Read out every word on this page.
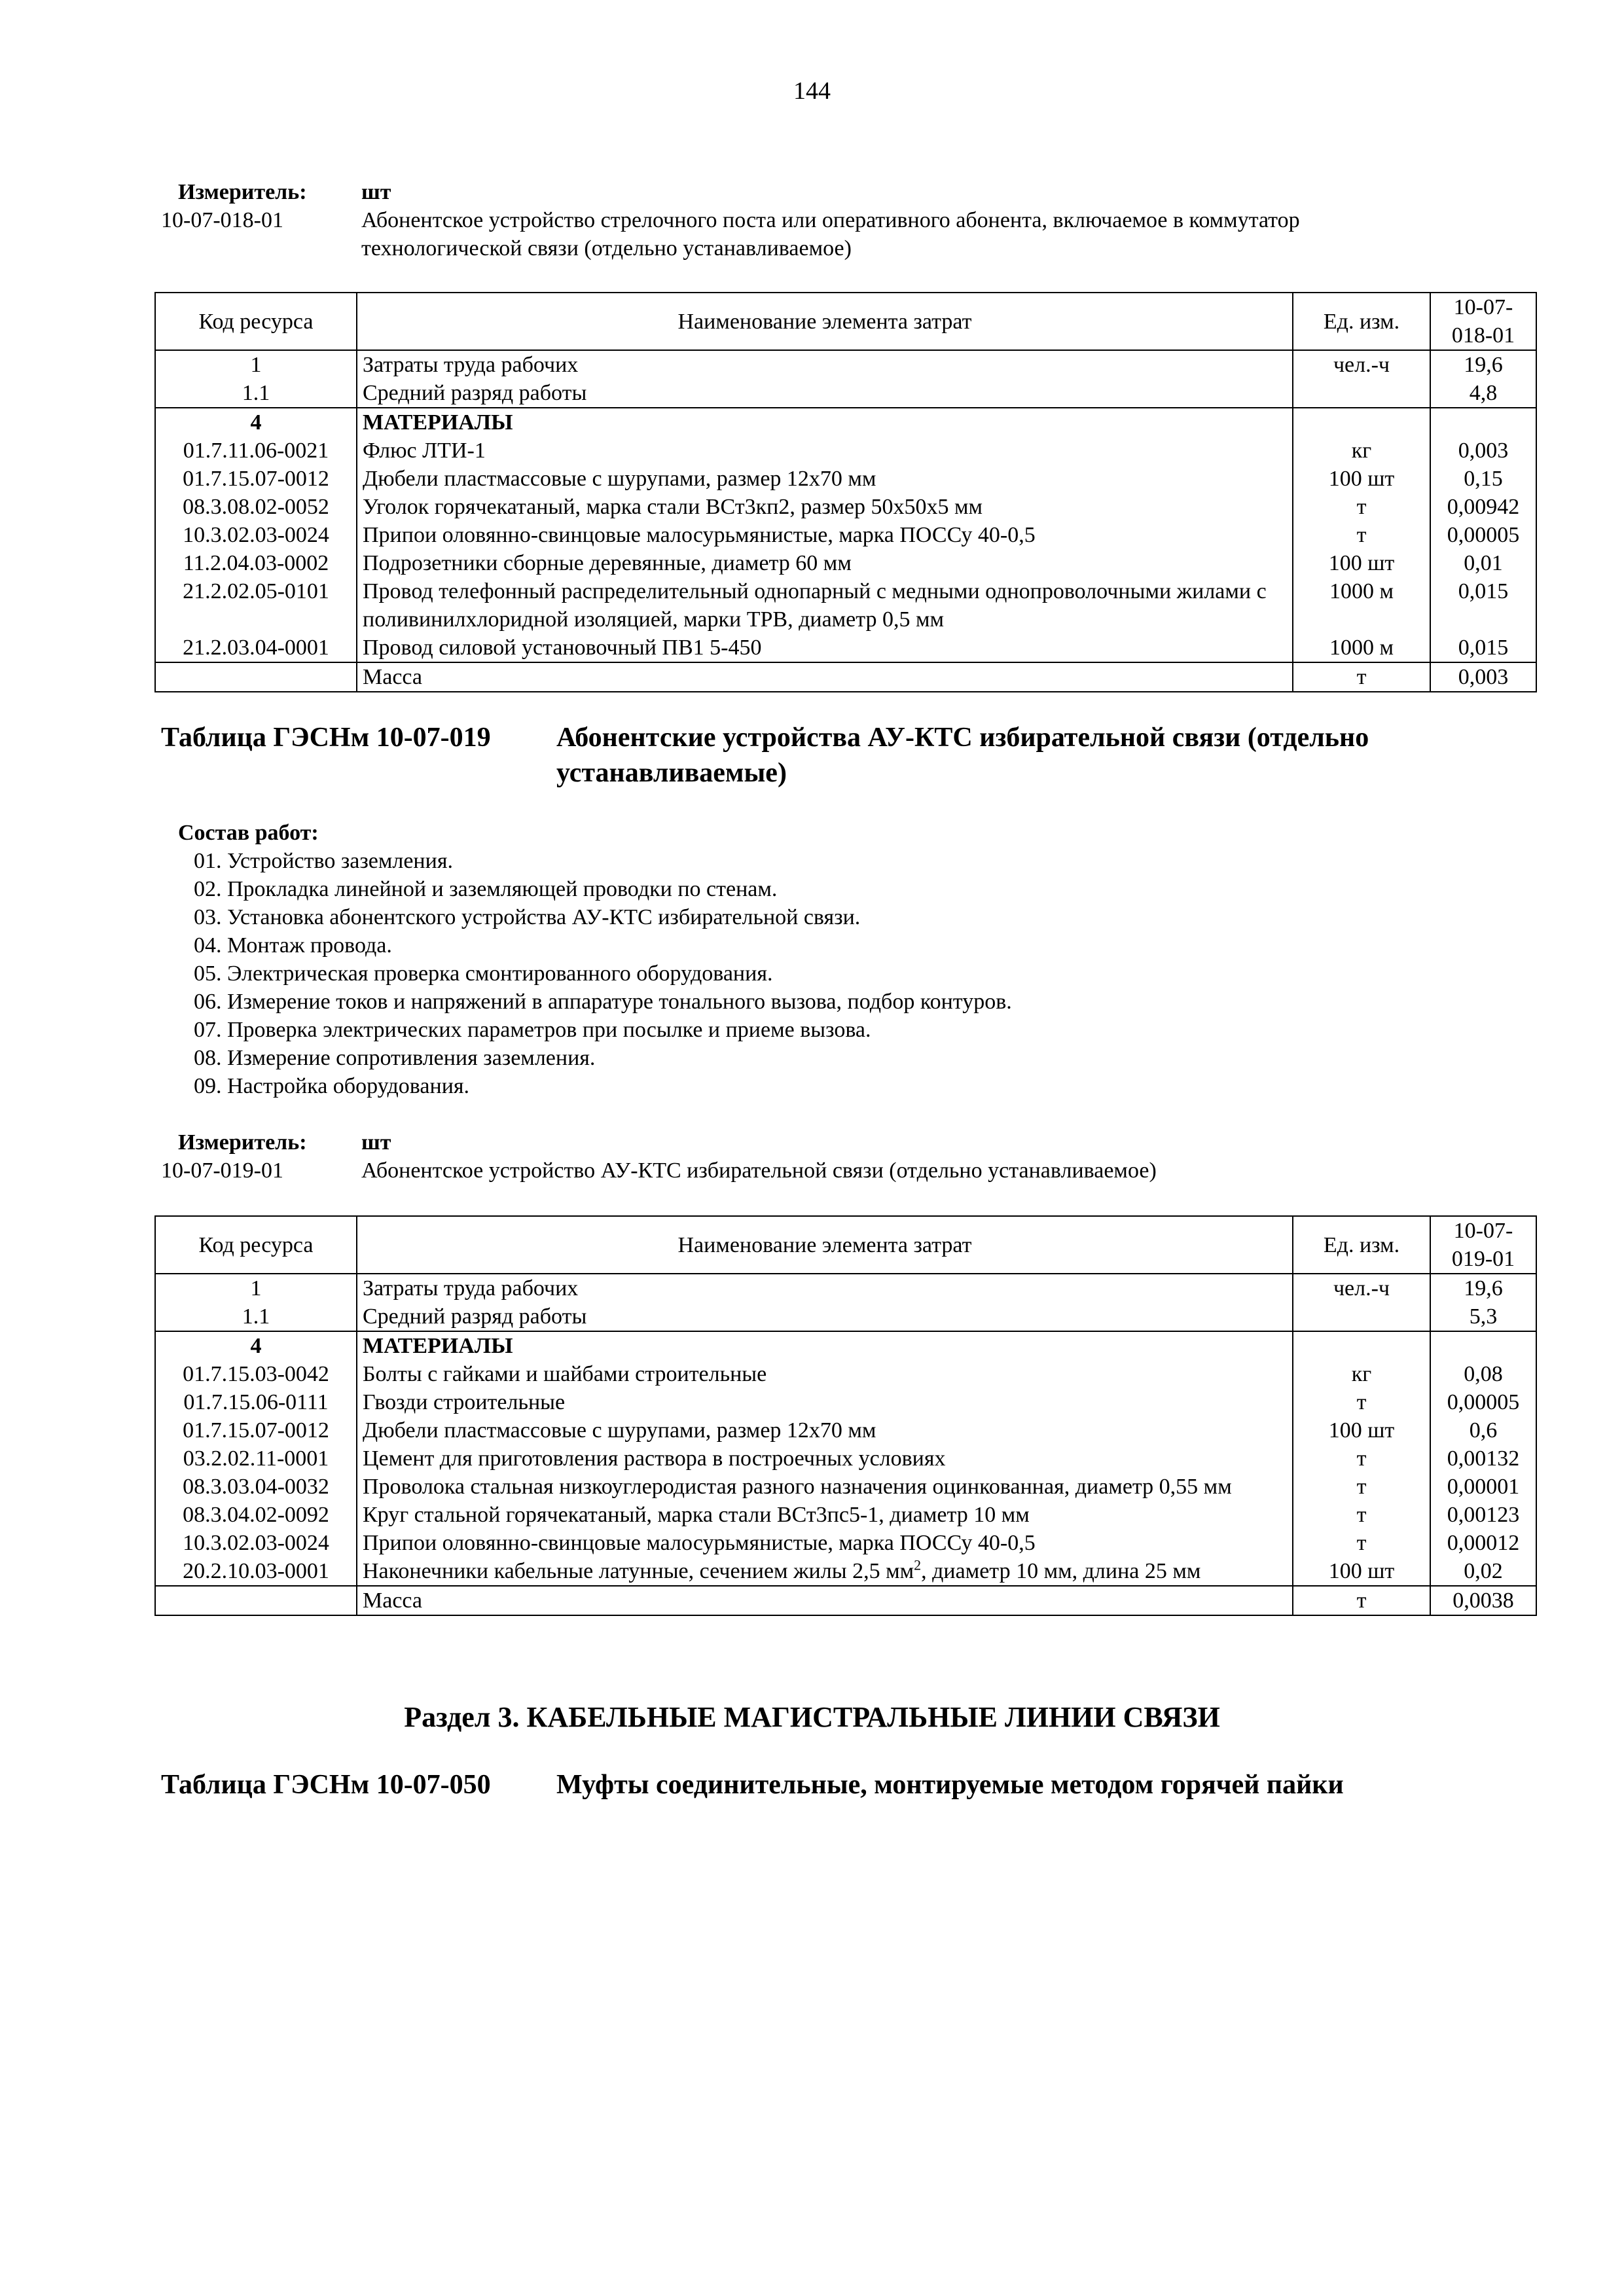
144
Измеритель: шт
10-07-018-01	Абонентское устройство стрелочного поста или оперативного абонента, включаемое в коммутатор
технологической связи (отдельно устанавливаемое)
Код ресурса	Наименование элемента затрат	Ед. изм.	10-07-
018-01
1	Затраты труда рабочих	чел.-ч	19,6
1.1	Средний разряд работы		4,8
4	МАТЕРИАЛЫ		
01.7.11.06-0021	Флюс ЛТИ-1	кг	0,003
01.7.15.07-0012	Дюбели пластмассовые с шурупами, размер 12х70 мм	100 шт	0,15
08.3.08.02-0052	Уголок горячекатаный, марка стали ВСт3кп2, размер 50х50х5 мм	т	0,00942
10.3.02.03-0024	Припои оловянно-свинцовые малосурьмянистые, марка ПОССу 40-0,5	т	0,00005
11.2.04.03-0002	Подрозетники сборные деревянные, диаметр 60 мм	100 шт	0,01
21.2.02.05-0101	Провод телефонный распределительный однопарный с медными однопроволочными жилами с поливинилхлоридной изоляцией, марки ТРВ, диаметр 0,5 мм	1000 м	0,015
21.2.03.04-0001	Провод силовой установочный ПВ1 5-450	1000 м	0,015
	Масса	т	0,003
Таблица ГЭСНм 10-07-019 Абонентские устройства АУ-КТС избирательной связи (отдельно
устанавливаемые)
Состав работ:
01. Устройство заземления.
02. Прокладка линейной и заземляющей проводки по стенам.
03. Установка абонентского устройства АУ-КТС избирательной связи.
04. Монтаж провода.
05. Электрическая проверка смонтированного оборудования.
06. Измерение токов и напряжений в аппаратуре тонального вызова, подбор контуров.
07. Проверка электрических параметров при посылке и приеме вызова.
08. Измерение сопротивления заземления.
09. Настройка оборудования.
Измеритель: шт
10-07-019-01	Абонентское устройство АУ-КТС избирательной связи (отдельно устанавливаемое)
Код ресурса	Наименование элемента затрат	Ед. изм.	10-07-
019-01
1	Затраты труда рабочих	чел.-ч	19,6
1.1	Средний разряд работы		5,3
4	МАТЕРИАЛЫ		
01.7.15.03-0042	Болты с гайками и шайбами строительные	кг	0,08
01.7.15.06-0111	Гвозди строительные	т	0,00005
01.7.15.07-0012	Дюбели пластмассовые с шурупами, размер 12х70 мм	100 шт	0,6
03.2.02.11-0001	Цемент для приготовления раствора в построечных условиях	т	0,00132
08.3.03.04-0032	Проволока стальная низкоуглеродистая разного назначения оцинкованная, диаметр 0,55 мм	т	0,00001
08.3.04.02-0092	Круг стальной горячекатаный, марка стали ВСт3пс5-1, диаметр 10 мм	т	0,00123
10.3.02.03-0024	Припои оловянно-свинцовые малосурьмянистые, марка ПОССу 40-0,5	т	0,00012
20.2.10.03-0001	Наконечники кабельные латунные, сечением жилы 2,5 $мм^2$, диаметр 10 мм, длина 25 мм	100 шт	0,02
	Масса	т	0,0038
Раздел 3. КАБЕЛЬНЫЕ МАГИСТРАЛЬНЫЕ ЛИНИИ СВЯЗИ
Таблица ГЭСНм 10-07-050 Муфты соединительные, монтируемые методом горячей пайки
